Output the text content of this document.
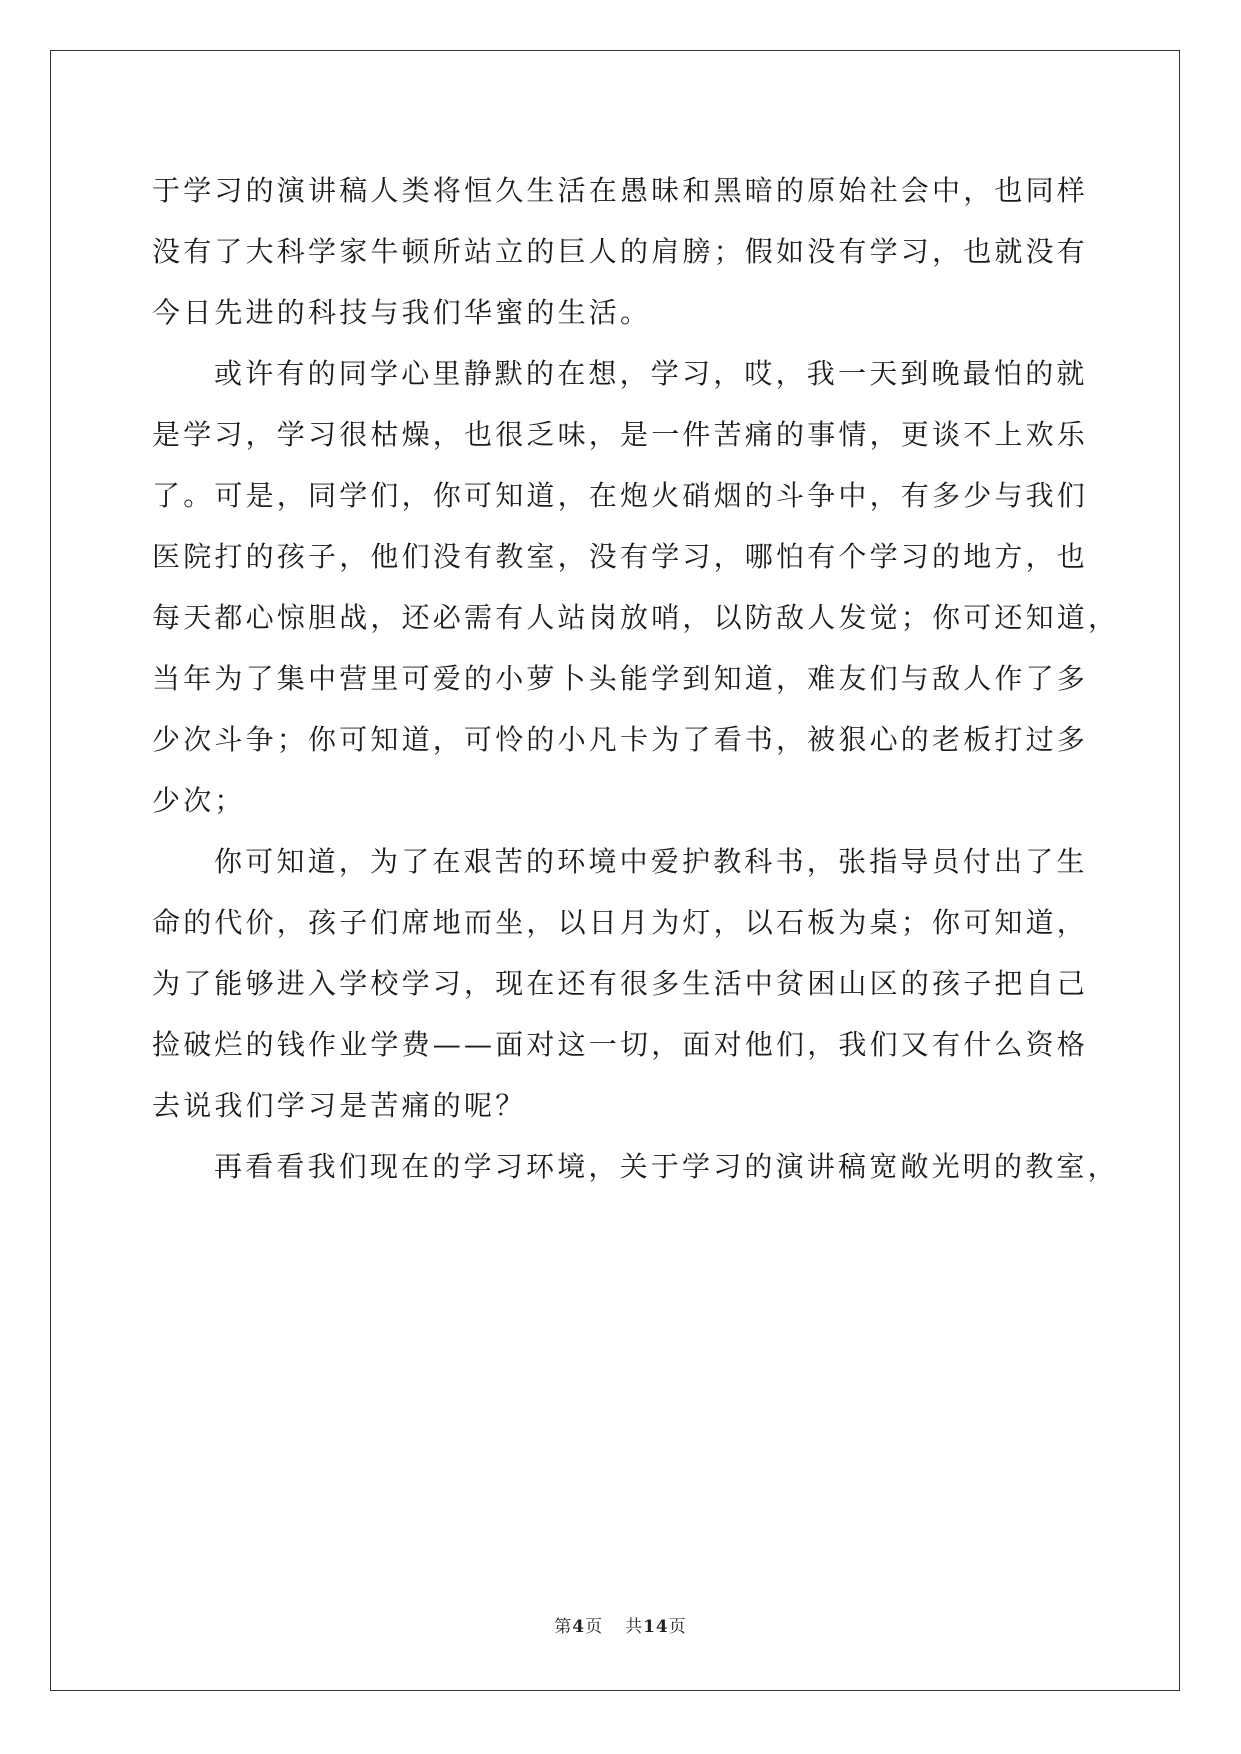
于学习的演讲稿人类将恒久生活在愚昧和黑暗的原始社会中，也同样
没有了大科学家牛顿所站立的巨人的肩膀；假如没有学习，也就没有
今日先进的科技与我们华蜜的生活。
或许有的同学心里静默的在想，学习，哎，我一天到晚最怕的就
是学习，学习很枯燥，也很乏味，是一件苦痛的事情，更谈不上欢乐
了。可是，同学们，你可知道，在炮火硝烟的斗争中，有多少与我们
医院打的孩子，他们没有教室，没有学习，哪怕有个学习的地方，也
每天都心惊胆战，还必需有人站岗放哨，以防敌人发觉；你可还知道，
当年为了集中营里可爱的小萝卜头能学到知道，难友们与敌人作了多
少次斗争；你可知道，可怜的小凡卡为了看书，被狠心的老板打过多
少次；
你可知道，为了在艰苦的环境中爱护教科书，张指导员付出了生
命的代价，孩子们席地而坐，以日月为灯，以石板为桌；你可知道，
为了能够进入学校学习，现在还有很多生活中贫困山区的孩子把自己
捡破烂的钱作业学费——面对这一切，面对他们，我们又有什么资格
去说我们学习是苦痛的呢？
再看看我们现在的学习环境，关于学习的演讲稿宽敞光明的教室，
第4页 共14页
